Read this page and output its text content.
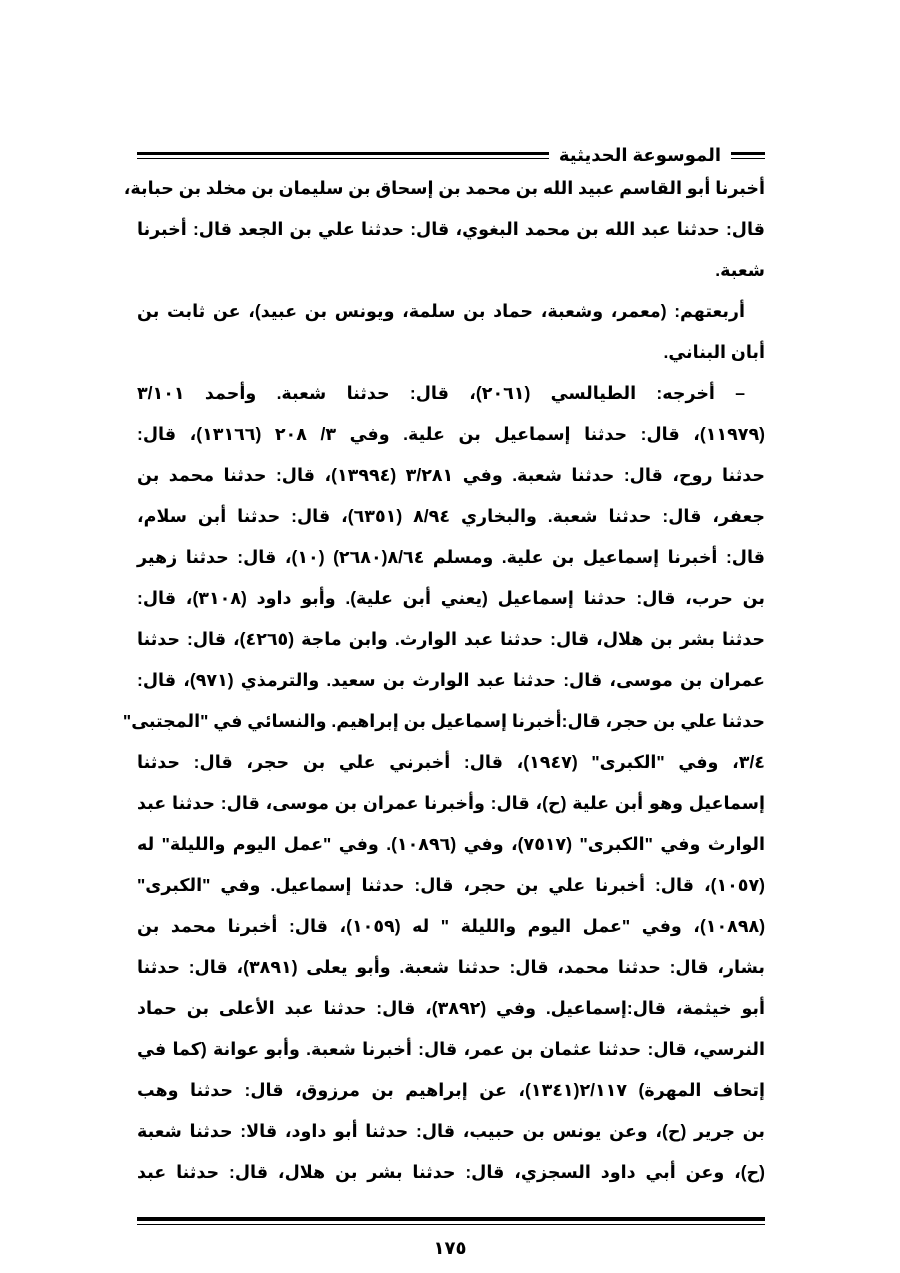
الموسوعة الحديثية
أخبرنا أبو القاسم عبيد الله بن محمد بن إسحاق بن سليمان بن مخلد بن حبابة،
قال: حدثنا عبد الله بن محمد البغوي، قال: حدثنا علي بن الجعد قال: أخبرنا
شعبة.
أربعتهم: (معمر، وشعبة، حماد بن سلمة، ويونس بن عبيد)، عن ثابت بن
أبان البناني.
– أخرجه: الطيالسي (٢٠٦١)، قال: حدثنا شعبة. وأحمد ٣/١٠١
(١١٩٧٩)، قال: حدثنا إسماعيل بن علية. وفي ٣/ ٢٠٨ (١٣١٦٦)، قال:
حدثنا روح، قال: حدثنا شعبة. وفي ٣/٢٨١ (١٣٩٩٤)، قال: حدثنا محمد بن
جعفر، قال: حدثنا شعبة. والبخاري ٨/٩٤ (٦٣٥١)، قال: حدثنا أبن سلام،
قال: أخبرنا إسماعيل بن علية. ومسلم ٨/٦٤(٢٦٨٠) (١٠)، قال: حدثنا زهير
بن حرب، قال: حدثنا إسماعيل (يعني أبن علية). وأبو داود (٣١٠٨)، قال:
حدثنا بشر بن هلال، قال: حدثنا عبد الوارث. وابن ماجة (٤٢٦٥)، قال: حدثنا
عمران بن موسى، قال: حدثنا عبد الوارث بن سعيد. والترمذي (٩٧١)، قال:
حدثنا علي بن حجر، قال:أخبرنا إسماعيل بن إبراهيم. والنسائي في "المجتبى"
٣/٤، وفي "الكبرى" (١٩٤٧)، قال: أخبرني علي بن حجر، قال: حدثنا
إسماعيل وهو أبن علية (ح)، قال: وأخبرنا عمران بن موسى، قال: حدثنا عبد
الوارث وفي "الكبرى" (٧٥١٧)، وفي (١٠٨٩٦). وفي "عمل اليوم والليلة" له
(١٠٥٧)، قال: أخبرنا علي بن حجر، قال: حدثنا إسماعيل. وفي "الكبرى"
(١٠٨٩٨)، وفي "عمل اليوم والليلة " له (١٠٥٩)، قال: أخبرنا محمد بن
بشار، قال: حدثنا محمد، قال: حدثنا شعبة. وأبو يعلى (٣٨٩١)، قال: حدثنا
أبو خيثمة، قال:إسماعيل. وفي (٣٨٩٢)، قال: حدثنا عبد الأعلى بن حماد
النرسي، قال: حدثنا عثمان بن عمر، قال: أخبرنا شعبة. وأبو عوانة (كما في
إتحاف المهرة) ٢/١١٧(١٣٤١)، عن إبراهيم بن مرزوق، قال: حدثنا وهب
بن جرير (ح)، وعن يونس بن حبيب، قال: حدثنا أبو داود، قالا: حدثنا شعبة
(ح)، وعن أبي داود السجزي، قال: حدثنا بشر بن هلال، قال: حدثنا عبد
١٧٥
